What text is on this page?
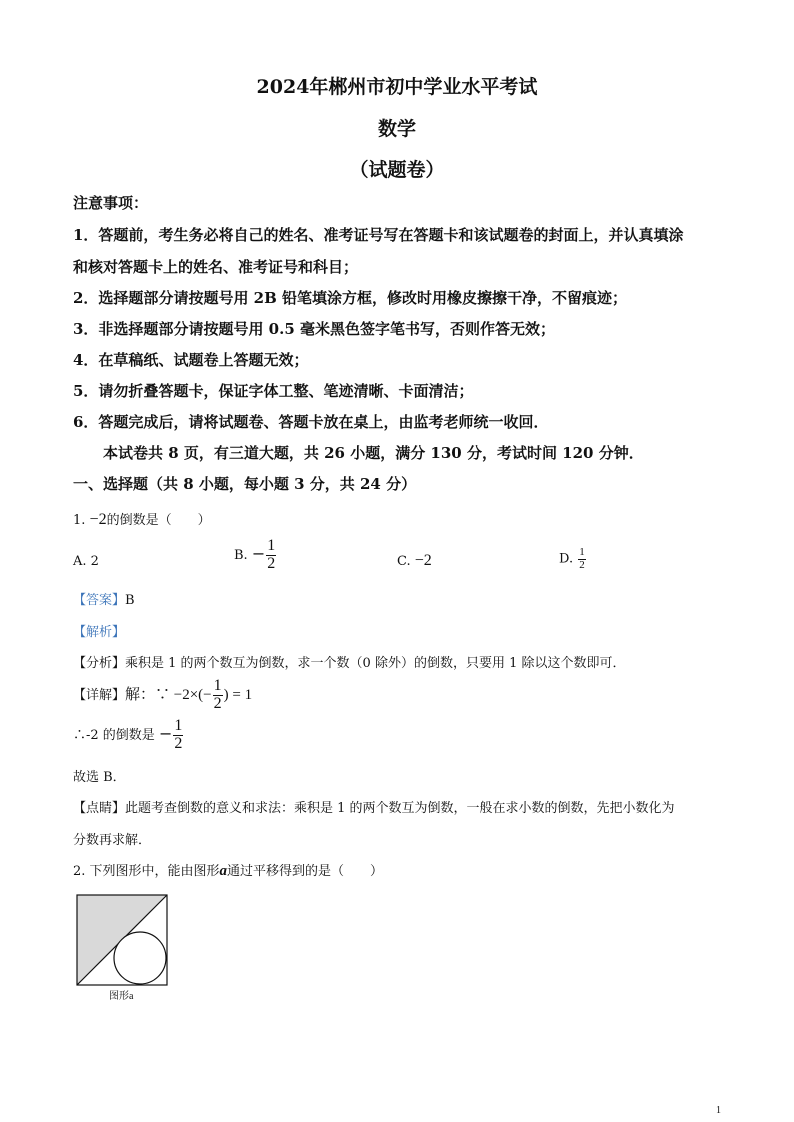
2024年郴州市初中学业水平考试
数学
（试题卷）
注意事项：
1．答题前，考生务必将自己的姓名、准考证号写在答题卡和该试题卷的封面上，并认真填涂
和核对答题卡上的姓名、准考证号和科目；
2．选择题部分请按题号用 2B 铅笔填涂方框，修改时用橡皮擦擦干净，不留痕迹；
3．非选择题部分请按题号用 0.5 毫米黑色签字笔书写，否则作答无效；
4．在草稿纸、试题卷上答题无效；
5．请勿折叠答题卡，保证字体工整、笔迹清晰、卡面清洁；
6．答题完成后，请将试题卷、答题卡放在桌上，由监考老师统一收回．
本试卷共 8 页，有三道大题，共 26 小题，满分 130 分，考试时间 120 分钟．
一、选择题（共 8 小题，每小题 3 分，共 24 分）
1. −2的倒数是（　　）
A. 2	B. − $\frac{1}{2}$	C. −2	D. $\frac{1}{2}$
【答案】B
【解析】
【分析】乘积是 1 的两个数互为倒数，求一个数（0 除外）的倒数，只要用 1 除以这个数即可．
【详解】解：∵ $-2\times(- \frac{1}{2}$ ) = 1
∴-2 的倒数是 − $\frac{1}{2}$
故选 B．
【点睛】此题考查倒数的意义和求法：乘积是 1 的两个数互为倒数，一般在求小数的倒数，先把小数化为
分数再求解．
2. 下列图形中，能由图形a通过平移得到的是（　　）
图形a
1
